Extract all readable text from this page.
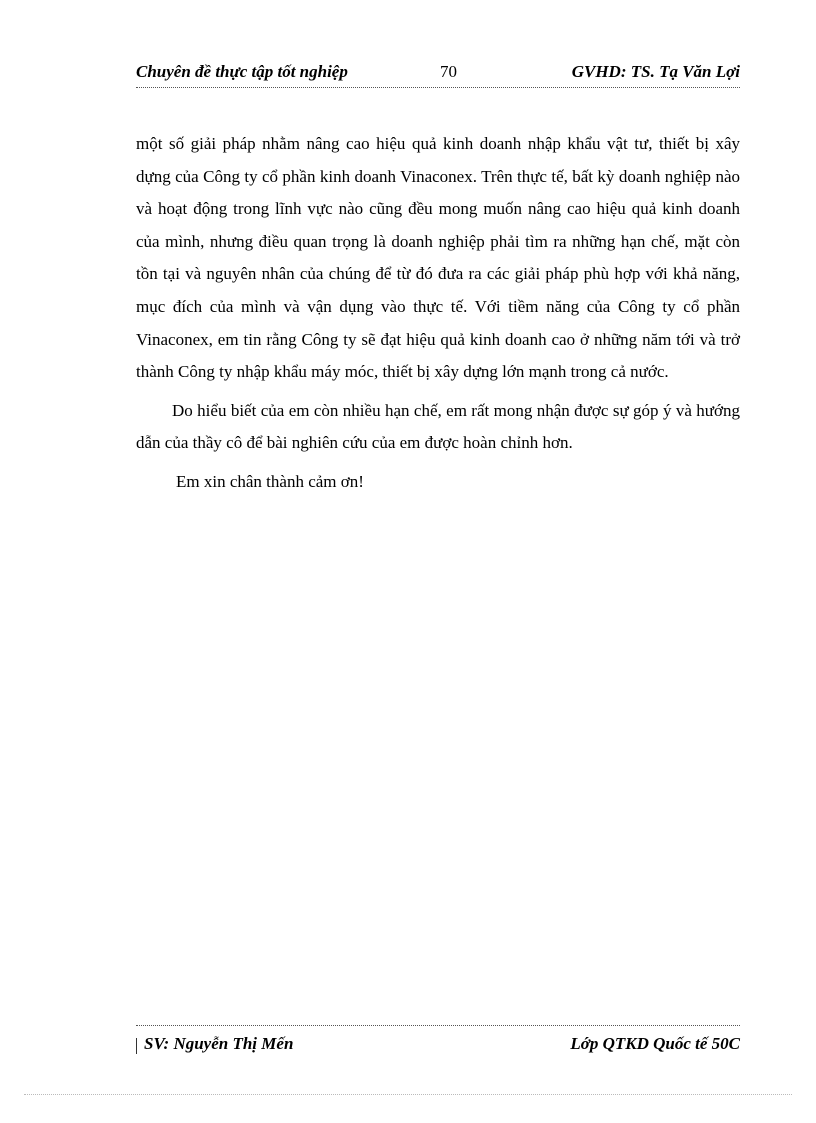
Chuyên đề thực tập tốt nghiệp	70	GVHD: TS. Tạ Văn Lợi

một số giải pháp nhằm nâng cao hiệu quả kinh doanh nhập khẩu vật tư, thiết bị xây dựng của Công ty cổ phần kinh doanh Vinaconex. Trên thực tế, bất kỳ doanh nghiệp nào và hoạt động trong lĩnh vực nào cũng đều mong muốn nâng cao hiệu quả kinh doanh của mình, nhưng điều quan trọng là doanh nghiệp phải tìm ra những hạn chế, mặt còn tồn tại và nguyên nhân của chúng để từ đó đưa ra các giải pháp phù hợp với khả năng, mục đích của mình và vận dụng vào thực tế. Với tiềm năng của Công ty cổ phần Vinaconex, em tin rằng Công ty sẽ đạt hiệu quả kinh doanh cao ở những năm tới và trở thành Công ty nhập khẩu máy móc, thiết bị xây dựng lớn mạnh trong cả nước.

Do hiểu biết của em còn nhiều hạn chế, em rất mong nhận được sự góp ý và hướng dẫn của thầy cô để bài nghiên cứu của em được hoàn chỉnh hơn.

Em xin chân thành cảm ơn!

SV: Nguyễn Thị Mến	Lớp QTKD Quốc tế 50C
